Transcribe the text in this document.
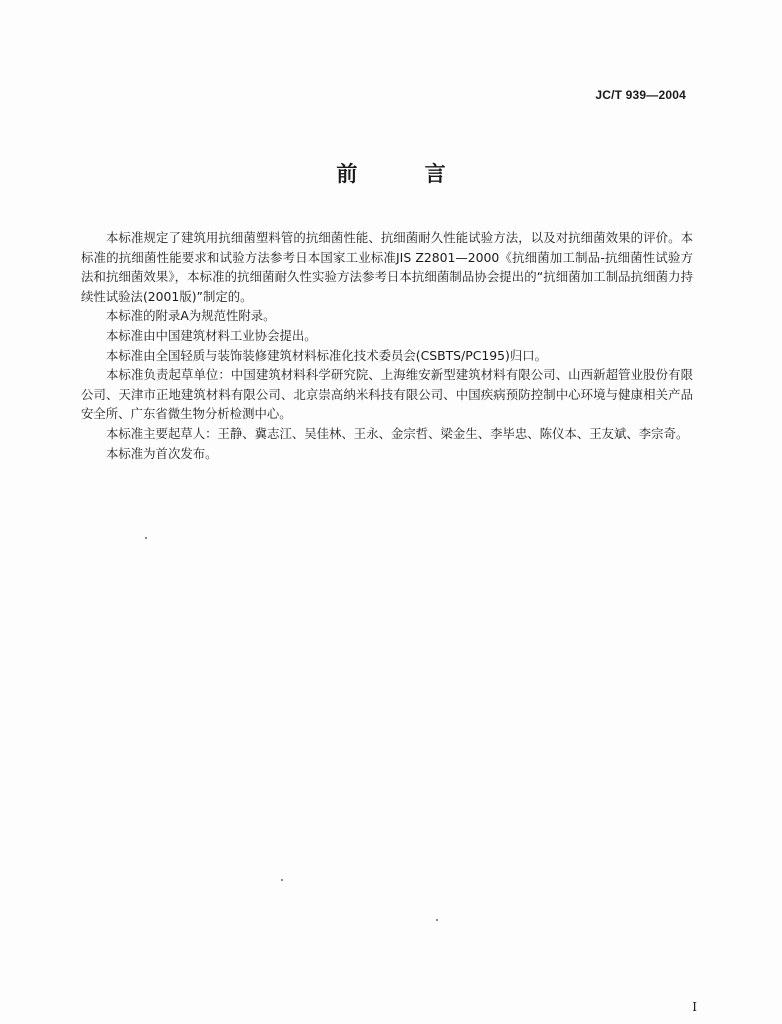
JC/T 939—2004
前 言

本标准规定了建筑用抗细菌塑料管的抗细菌性能、抗细菌耐久性能试验方法，以及对抗细菌效果的评价。本标准的抗细菌性能要求和试验方法参考日本国家工业标准JIS Z2801—2000《抗细菌加工制品-抗细菌性试验方法和抗细菌效果》，本标准的抗细菌耐久性实验方法参考日本抗细菌制品协会提出的“抗细菌加工制品抗细菌力持续性试验法(2001版)”制定的。

本标准的附录A为规范性附录。

本标准由中国建筑材料工业协会提出。

本标准由全国轻质与装饰装修建筑材料标准化技术委员会(CSBTS/PC195)归口。

本标准负责起草单位：中国建筑材料科学研究院、上海维安新型建筑材料有限公司、山西新超管业股份有限公司、天津市正地建筑材料有限公司、北京崇高纳米科技有限公司、中国疾病预防控制中心环境与健康相关产品安全所、广东省微生物分析检测中心。

本标准主要起草人：王静、冀志江、吴佳林、王永、金宗哲、梁金生、李毕忠、陈仪本、王友斌、李宗奇。

本标准为首次发布。

I
